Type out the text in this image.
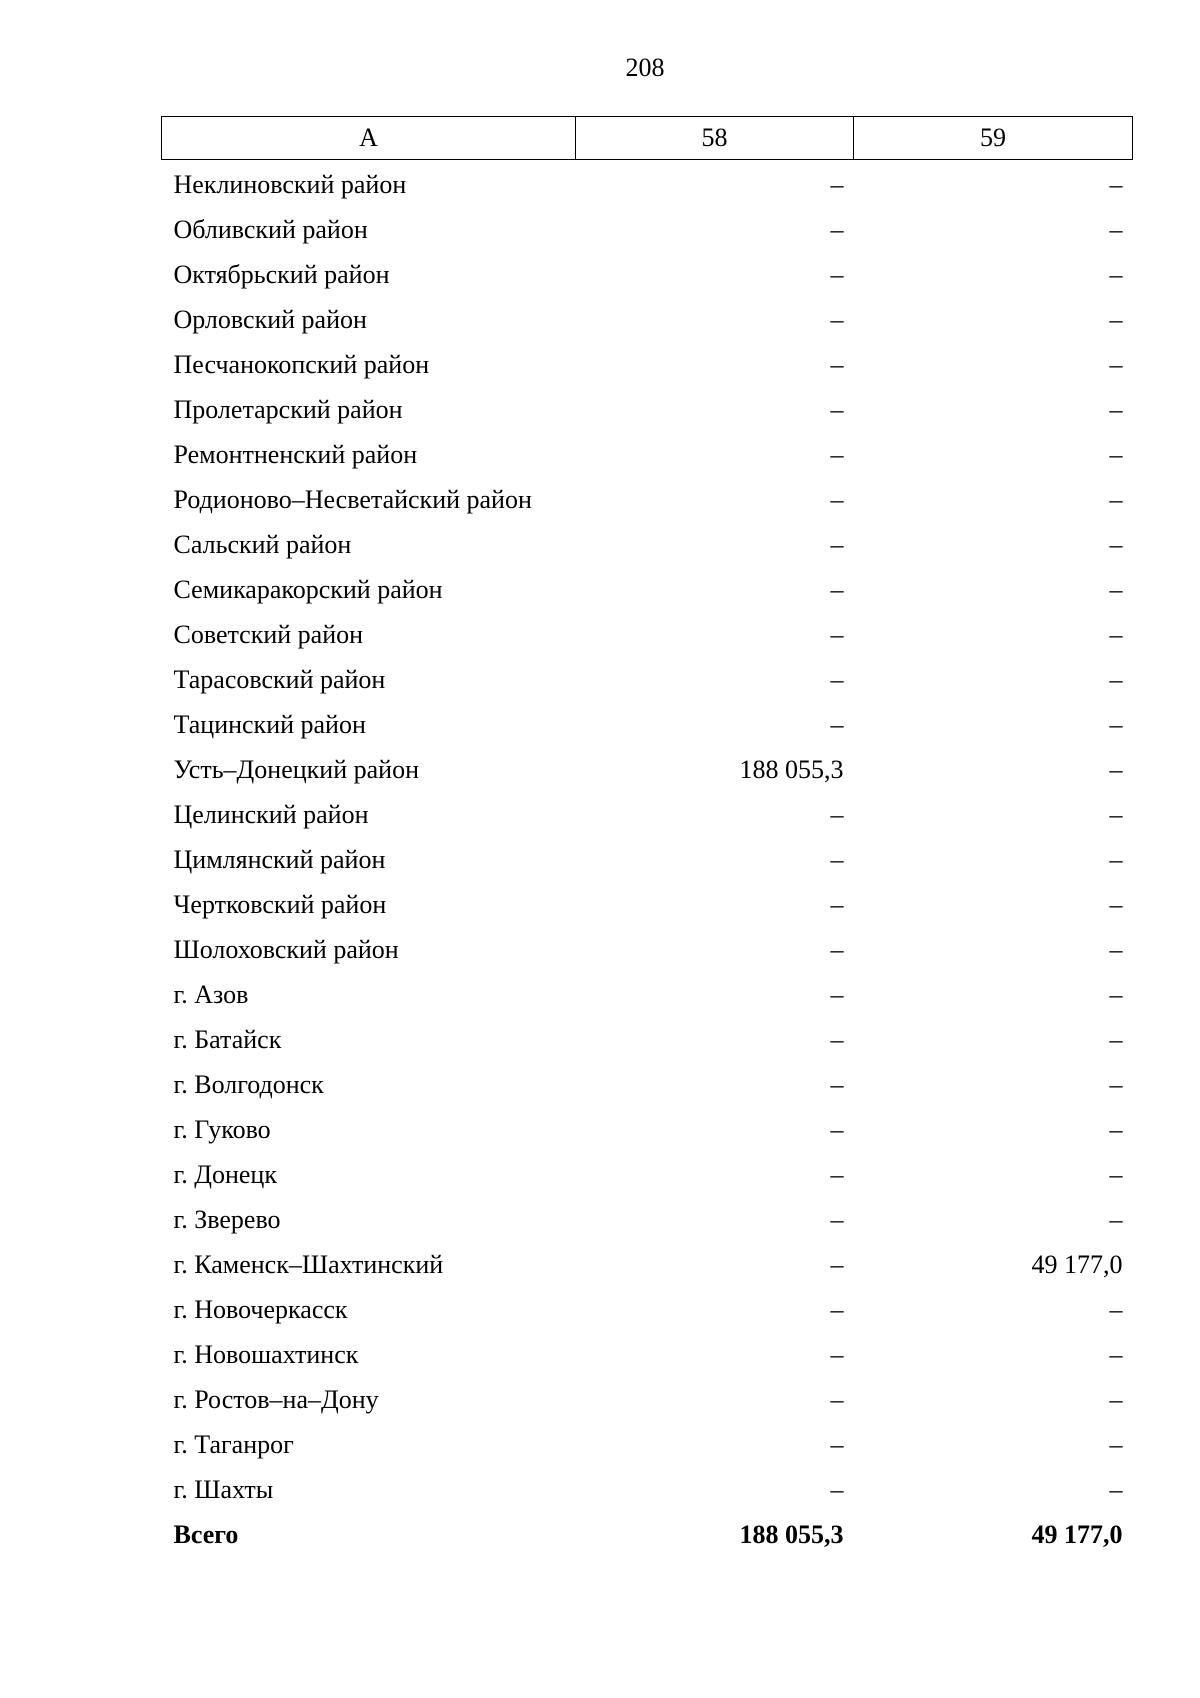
208
А	58	59
Неклиновский район	–	–
Обливский район	–	–
Октябрьский район	–	–
Орловский район	–	–
Песчанокопский район	–	–
Пролетарский район	–	–
Ремонтненский район	–	–
Родионово–Несветайский район	–	–
Сальский район	–	–
Семикаракорский район	–	–
Советский район	–	–
Тарасовский район	–	–
Тацинский район	–	–
Усть–Донецкий район	188 055,3	–
Целинский район	–	–
Цимлянский район	–	–
Чертковский район	–	–
Шолоховский район	–	–
г. Азов	–	–
г. Батайск	–	–
г. Волгодонск	–	–
г. Гуково	–	–
г. Донецк	–	–
г. Зверево	–	–
г. Каменск–Шахтинский	–	49 177,0
г. Новочеркасск	–	–
г. Новошахтинск	–	–
г. Ростов–на–Дону	–	–
г. Таганрог	–	–
г. Шахты	–	–
Всего	188 055,3	49 177,0
